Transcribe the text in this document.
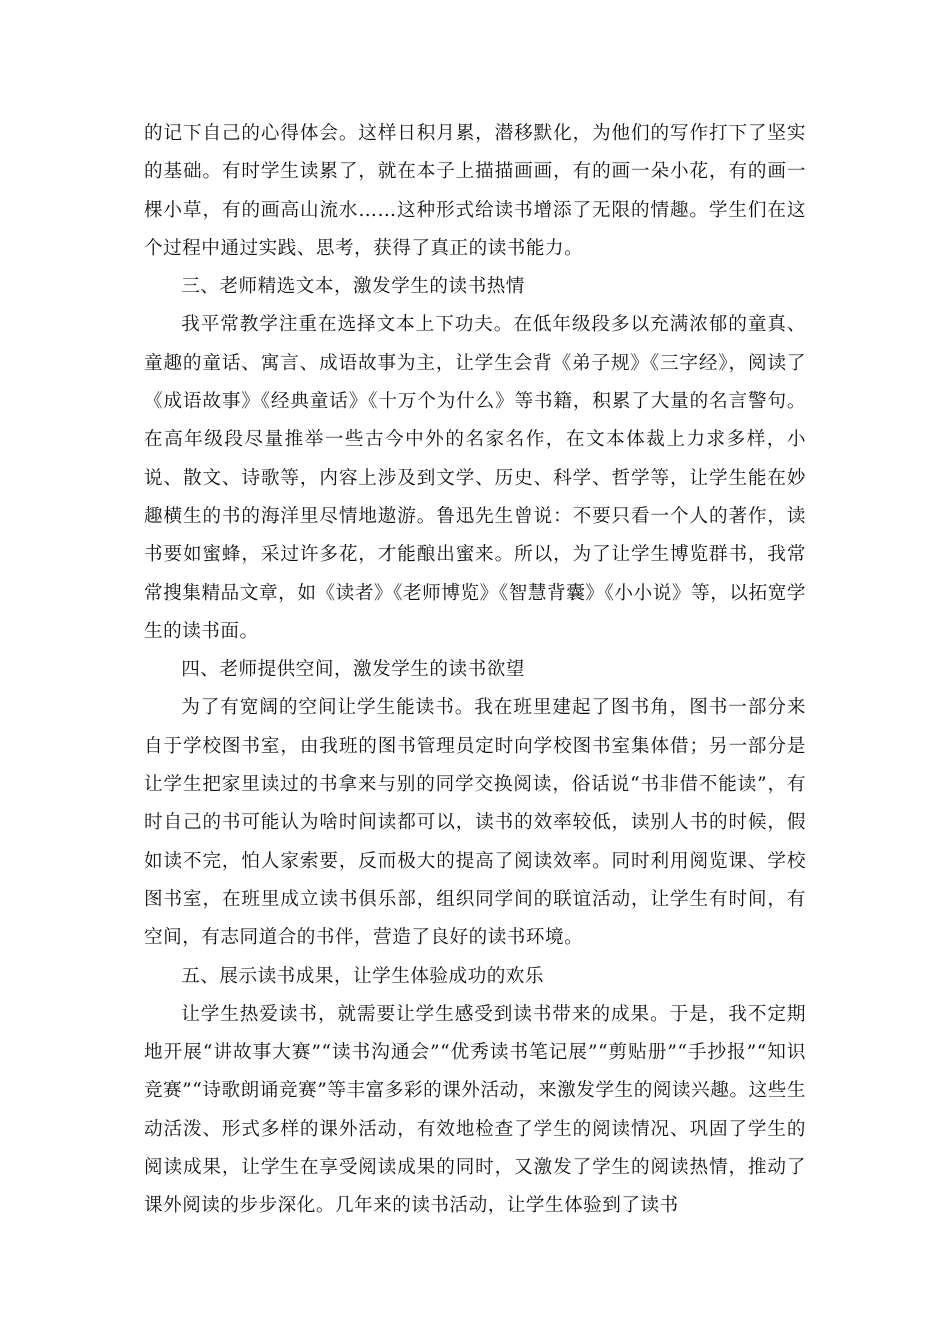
的记下自己的心得体会。这样日积月累，潜移默化，为他们的写作打下了坚实的基础。有时学生读累了，就在本子上描描画画，有的画一朵小花，有的画一棵小草，有的画高山流水……这种形式给读书增添了无限的情趣。学生们在这个过程中通过实践、思考，获得了真正的读书能力。

三、老师精选文本，激发学生的读书热情

我平常教学注重在选择文本上下功夫。在低年级段多以充满浓郁的童真、童趣的童话、寓言、成语故事为主，让学生会背《弟子规》《三字经》，阅读了《成语故事》《经典童话》《十万个为什么》等书籍，积累了大量的名言警句。在高年级段尽量推举一些古今中外的名家名作，在文本体裁上力求多样，小说、散文、诗歌等，内容上涉及到文学、历史、科学、哲学等，让学生能在妙趣横生的书的海洋里尽情地遨游。鲁迅先生曾说：不要只看一个人的著作，读书要如蜜蜂，采过许多花，才能酿出蜜来。所以，为了让学生博览群书，我常常搜集精品文章，如《读者》《老师博览》《智慧背囊》《小小说》等，以拓宽学生的读书面。

四、老师提供空间，激发学生的读书欲望

为了有宽阔的空间让学生能读书。我在班里建起了图书角，图书一部分来自于学校图书室，由我班的图书管理员定时向学校图书室集体借；另一部分是让学生把家里读过的书拿来与别的同学交换阅读，俗话说“书非借不能读”，有时自己的书可能认为啥时间读都可以，读书的效率较低，读别人书的时候，假如读不完，怕人家索要，反而极大的提高了阅读效率。同时利用阅览课、学校图书室，在班里成立读书俱乐部，组织同学间的联谊活动，让学生有时间，有空间，有志同道合的书伴，营造了良好的读书环境。

五、展示读书成果，让学生体验成功的欢乐

让学生热爱读书，就需要让学生感受到读书带来的成果。于是，我不定期地开展“讲故事大赛”“读书沟通会”“优秀读书笔记展”“剪贴册”“手抄报”“知识竞赛”“诗歌朗诵竞赛”等丰富多彩的课外活动，来激发学生的阅读兴趣。这些生动活泼、形式多样的课外活动，有效地检查了学生的阅读情况、巩固了学生的阅读成果，让学生在享受阅读成果的同时，又激发了学生的阅读热情，推动了课外阅读的步步深化。几年来的读书活动，让学生体验到了读书
